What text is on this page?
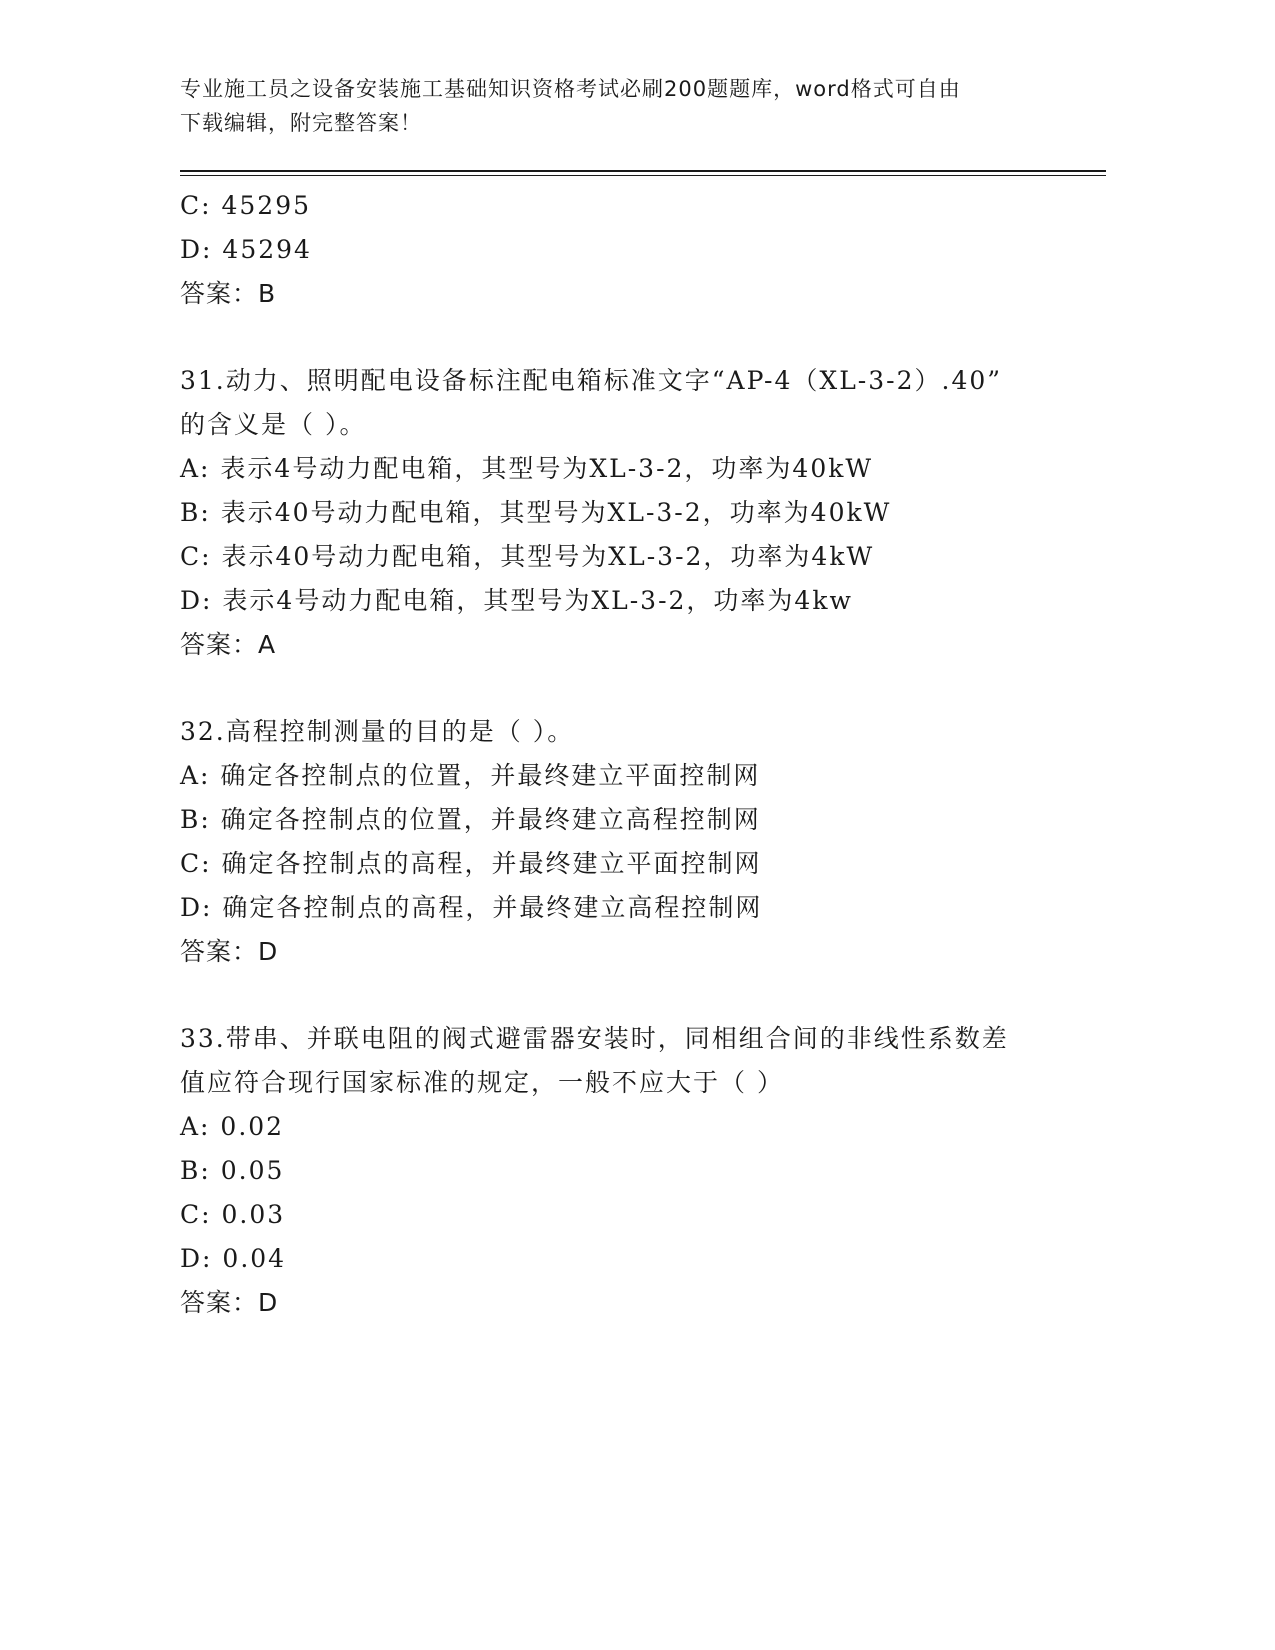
专业施工员之设备安装施工基础知识资格考试必刷200题题库，word格式可自由
下载编辑，附完整答案！
C: 45295
D: 45294
答案：B
31.动力、照明配电设备标注配电箱标准文字“AP-4（XL-3-2）.40”
的含义是（ ）。
A: 表示4号动力配电箱，其型号为XL-3-2，功率为40kW
B: 表示40号动力配电箱，其型号为XL-3-2，功率为40kW
C: 表示40号动力配电箱，其型号为XL-3-2，功率为4kW
D: 表示4号动力配电箱，其型号为XL-3-2，功率为4kw
答案：A
32.高程控制测量的目的是（ ）。
A: 确定各控制点的位置，并最终建立平面控制网
B: 确定各控制点的位置，并最终建立高程控制网
C: 确定各控制点的高程，并最终建立平面控制网
D: 确定各控制点的高程，并最终建立高程控制网
答案：D
33.带串、并联电阻的阀式避雷器安装时，同相组合间的非线性系数差
值应符合现行国家标准的规定，一般不应大于（ ）
A: 0.02
B: 0.05
C: 0.03
D: 0.04
答案：D
